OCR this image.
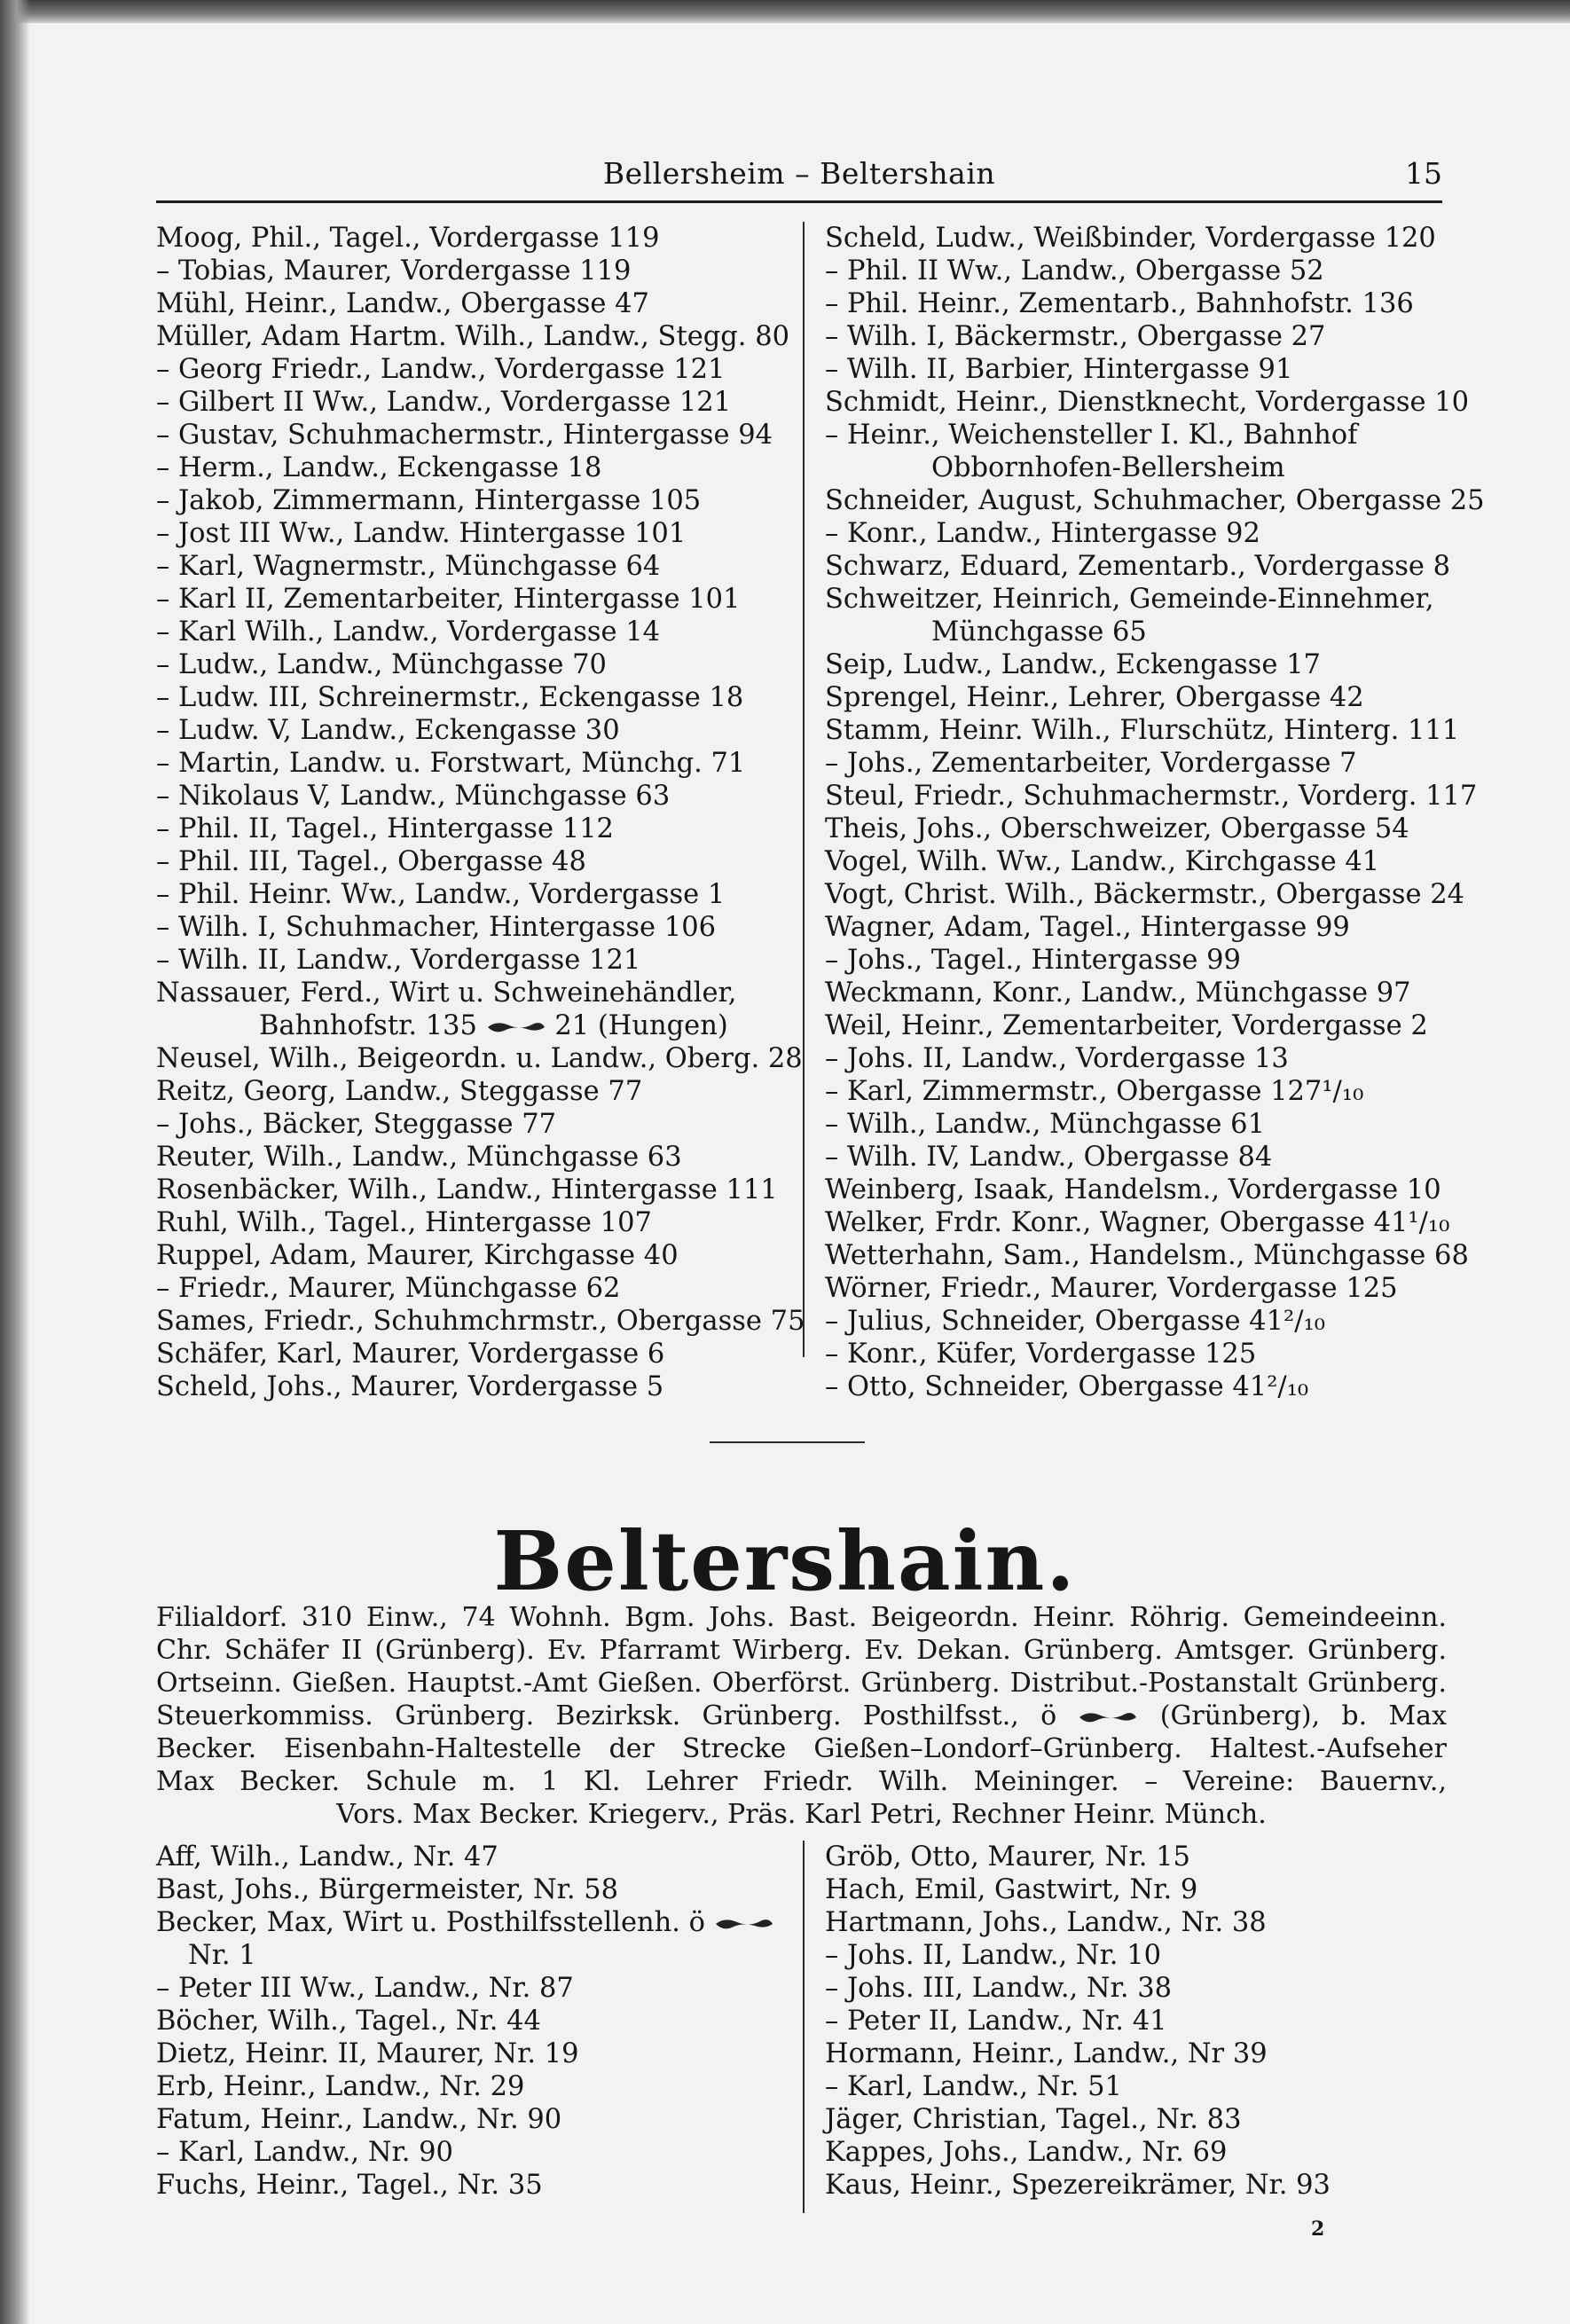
Bellersheim – Beltershain	15
Moog, Phil., Tagel., Vordergasse 119
– Tobias, Maurer, Vordergasse 119
Mühl, Heinr., Landw., Obergasse 47
Müller, Adam Hartm. Wilh., Landw., Stegg. 80
– Georg Friedr., Landw., Vordergasse 121
– Gilbert II Ww., Landw., Vordergasse 121
– Gustav, Schuhmachermstr., Hintergasse 94
– Herm., Landw., Eckengasse 18
– Jakob, Zimmermann, Hintergasse 105
– Jost III Ww., Landw. Hintergasse 101
– Karl, Wagnermstr., Münchgasse 64
– Karl II, Zementarbeiter, Hintergasse 101
– Karl Wilh., Landw., Vordergasse 14
– Ludw., Landw., Münchgasse 70
– Ludw. III, Schreinermstr., Eckengasse 18
– Ludw. V, Landw., Eckengasse 30
– Martin, Landw. u. Forstwart, Münchg. 71
– Nikolaus V, Landw., Münchgasse 63
– Phil. II, Tagel., Hintergasse 112
– Phil. III, Tagel., Obergasse 48
– Phil. Heinr. Ww., Landw., Vordergasse 1
– Wilh. I, Schuhmacher, Hintergasse 106
– Wilh. II, Landw., Vordergasse 121
Nassauer, Ferd., Wirt u. Schweinehändler,
Bahnhofstr. 135	21 (Hungen)
Neusel, Wilh., Beigeordn. u. Landw., Oberg. 28
Reitz, Georg, Landw., Steggasse 77
– Johs., Bäcker, Steggasse 77
Reuter, Wilh., Landw., Münchgasse 63
Rosenbäcker, Wilh., Landw., Hintergasse 111
Ruhl, Wilh., Tagel., Hintergasse 107
Ruppel, Adam, Maurer, Kirchgasse 40
– Friedr., Maurer, Münchgasse 62
Sames, Friedr., Schuhmchrmstr., Obergasse 75
Schäfer, Karl, Maurer, Vordergasse 6
Scheld, Johs., Maurer, Vordergasse 5
Scheld, Ludw., Weißbinder, Vordergasse 120
– Phil. II Ww., Landw., Obergasse 52
– Phil. Heinr., Zementarb., Bahnhofstr. 136
– Wilh. I, Bäckermstr., Obergasse 27
– Wilh. II, Barbier, Hintergasse 91
Schmidt, Heinr., Dienstknecht, Vordergasse 10
– Heinr., Weichensteller I. Kl., Bahnhof
Obbornhofen-Bellersheim
Schneider, August, Schuhmacher, Obergasse 25
– Konr., Landw., Hintergasse 92
Schwarz, Eduard, Zementarb., Vordergasse 8
Schweitzer, Heinrich, Gemeinde-Einnehmer,
Münchgasse 65
Seip, Ludw., Landw., Eckengasse 17
Sprengel, Heinr., Lehrer, Obergasse 42
Stamm, Heinr. Wilh., Flurschütz, Hinterg. 111
– Johs., Zementarbeiter, Vordergasse 7
Steul, Friedr., Schuhmachermstr., Vorderg. 117
Theis, Johs., Oberschweizer, Obergasse 54
Vogel, Wilh. Ww., Landw., Kirchgasse 41
Vogt, Christ. Wilh., Bäckermstr., Obergasse 24
Wagner, Adam, Tagel., Hintergasse 99
– Johs., Tagel., Hintergasse 99
Weckmann, Konr., Landw., Münchgasse 97
Weil, Heinr., Zementarbeiter, Vordergasse 2
– Johs. II, Landw., Vordergasse 13
– Karl, Zimmermstr., Obergasse 127¹/₁₀
– Wilh., Landw., Münchgasse 61
– Wilh. IV, Landw., Obergasse 84
Weinberg, Isaak, Handelsm., Vordergasse 10
Welker, Frdr. Konr., Wagner, Obergasse 41¹/₁₀
Wetterhahn, Sam., Handelsm., Münchgasse 68
Wörner, Friedr., Maurer, Vordergasse 125
– Julius, Schneider, Obergasse 41²/₁₀
– Konr., Küfer, Vordergasse 125
– Otto, Schneider, Obergasse 41²/₁₀
Beltershain.
Filialdorf. 310 Einw., 74 Wohnh. Bgm. Johs. Bast. Beigeordn. Heinr. Röhrig. Gemeindeeinn.
Chr. Schäfer II (Grünberg). Ev. Pfarramt Wirberg. Ev. Dekan. Grünberg. Amtsger. Grünberg.
Ortseinn. Gießen. Hauptst.-Amt Gießen. Oberförst. Grünberg. Distribut.-Postanstalt Grünberg.
Steuerkommiss. Grünberg. Bezirksk. Grünberg. Posthilfsst., ö	(Grünberg), b. Max
Becker. Eisenbahn-Haltestelle der Strecke Gießen–Londorf–Grünberg. Haltest.-Aufseher
Max Becker. Schule m. 1 Kl. Lehrer Friedr. Wilh. Meininger. – Vereine: Bauernv.,
Vors. Max Becker. Kriegerv., Präs. Karl Petri, Rechner Heinr. Münch.
Aff, Wilh., Landw., Nr. 47
Bast, Johs., Bürgermeister, Nr. 58
Becker, Max, Wirt u. Posthilfsstellenh. ö
Nr. 1
– Peter III Ww., Landw., Nr. 87
Böcher, Wilh., Tagel., Nr. 44
Dietz, Heinr. II, Maurer, Nr. 19
Erb, Heinr., Landw., Nr. 29
Fatum, Heinr., Landw., Nr. 90
– Karl, Landw., Nr. 90
Fuchs, Heinr., Tagel., Nr. 35
Gröb, Otto, Maurer, Nr. 15
Hach, Emil, Gastwirt, Nr. 9
Hartmann, Johs., Landw., Nr. 38
– Johs. II, Landw., Nr. 10
– Johs. III, Landw., Nr. 38
– Peter II, Landw., Nr. 41
Hormann, Heinr., Landw., Nr 39
– Karl, Landw., Nr. 51
Jäger, Christian, Tagel., Nr. 83
Kappes, Johs., Landw., Nr. 69
Kaus, Heinr., Spezereikrämer, Nr. 93
2
